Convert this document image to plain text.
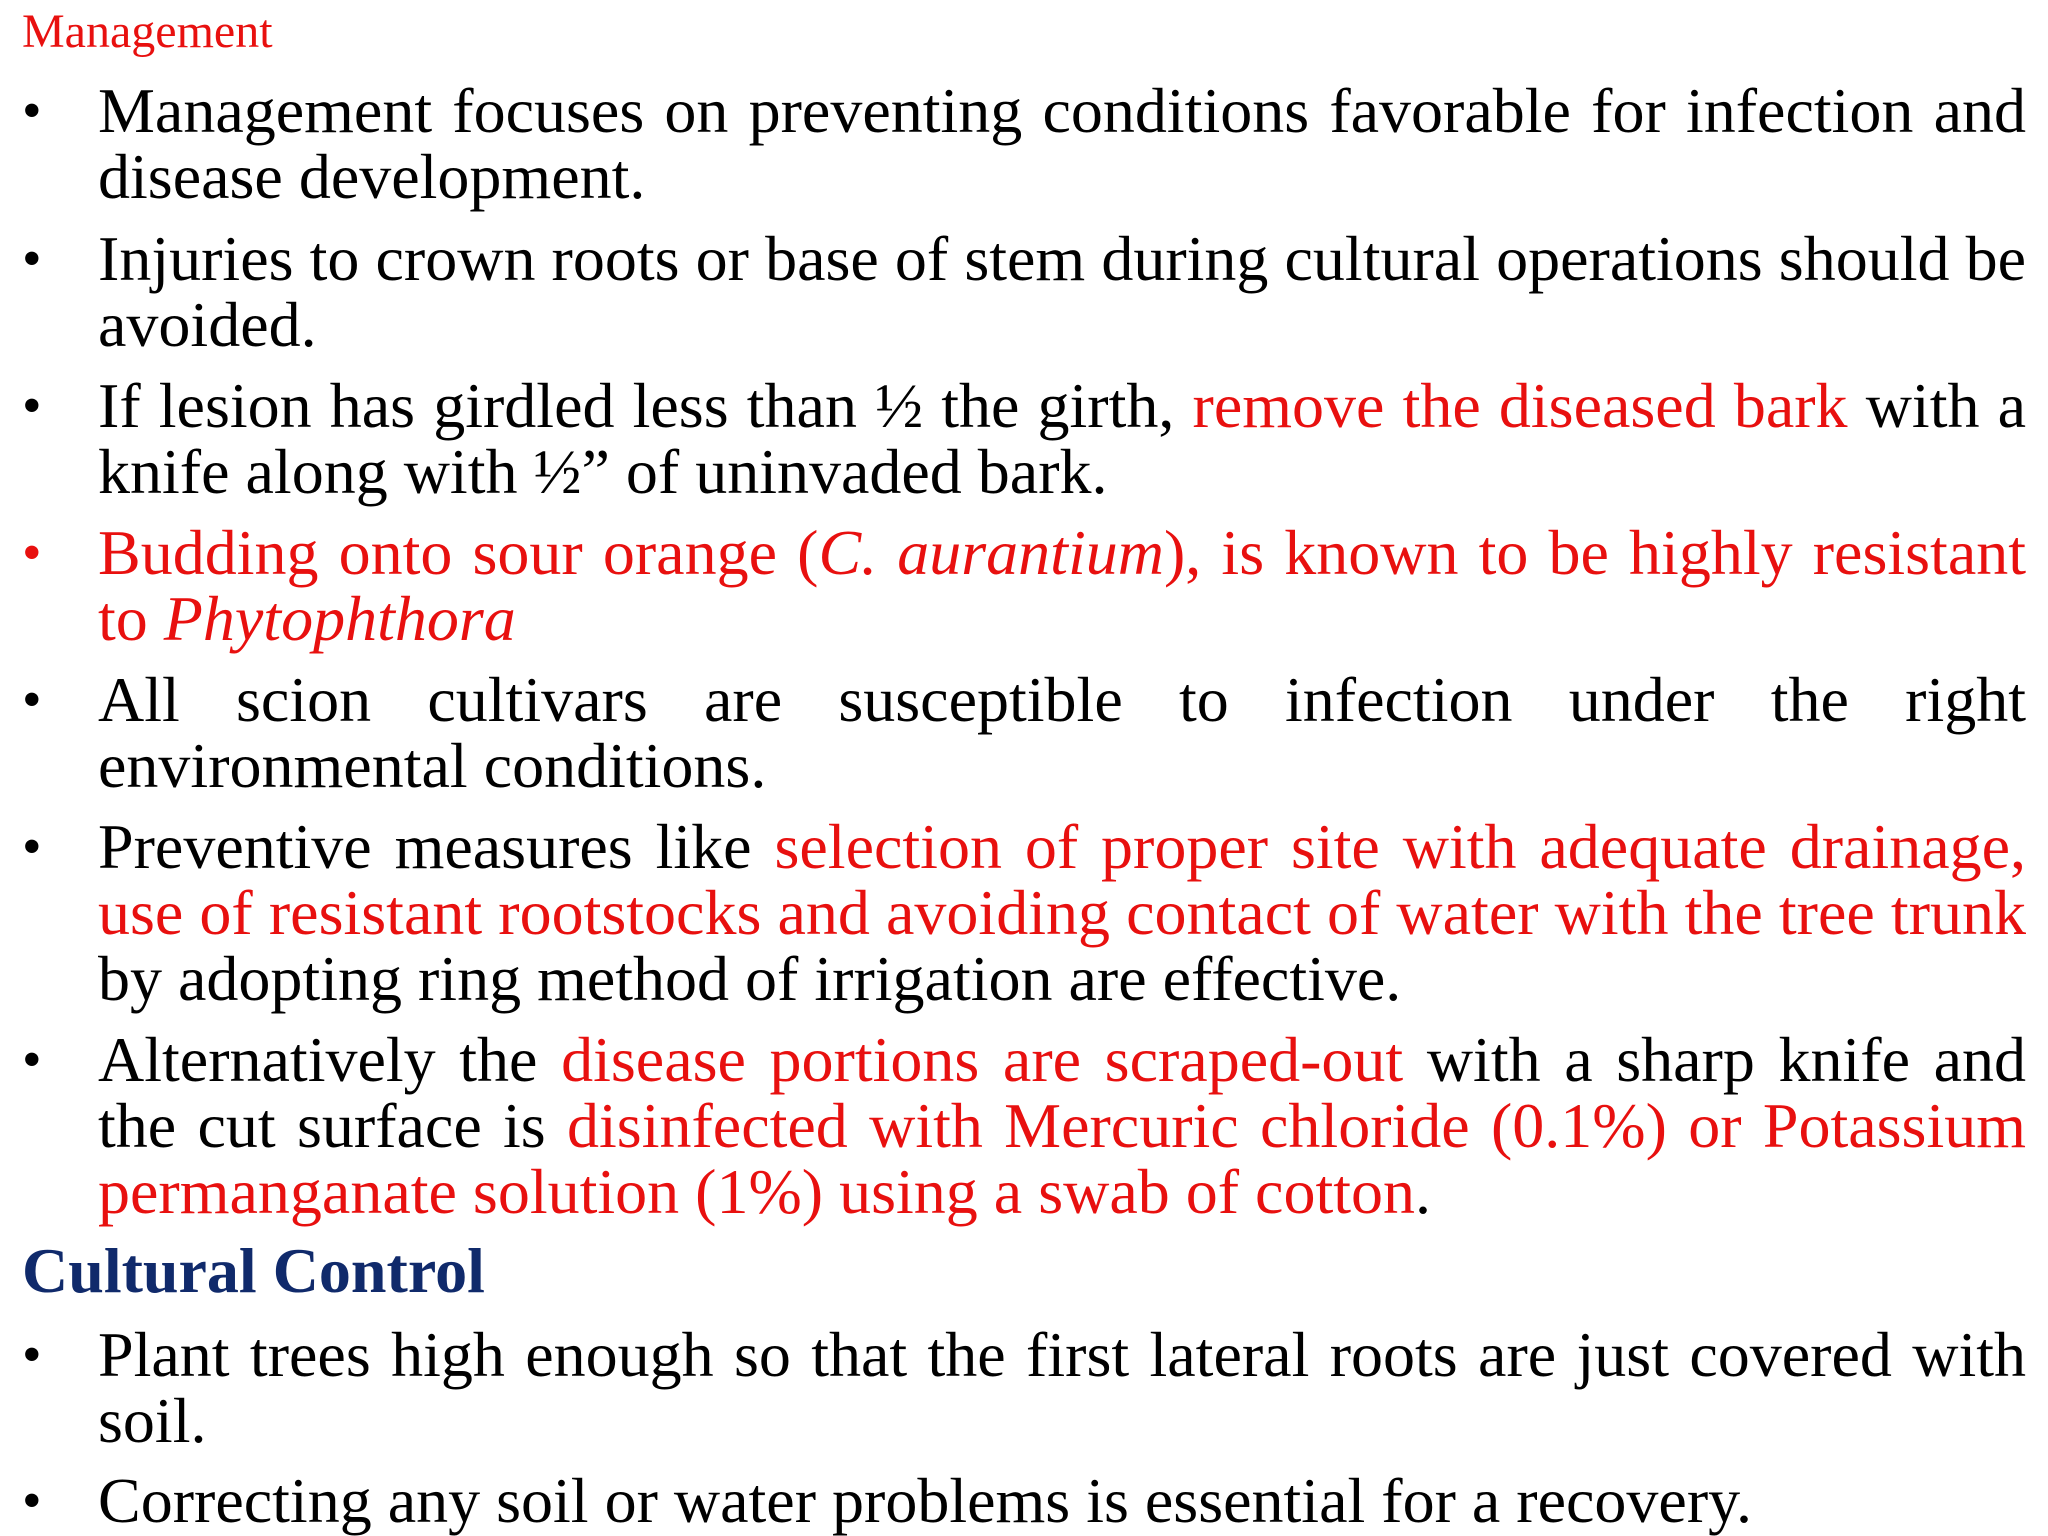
Management
• Management focuses on preventing conditions favorable for infection and disease development.
• Injuries to crown roots or base of stem during cultural operations should be avoided.
• If lesion has girdled less than ½ the girth, remove the diseased bark with a knife along with ½” of uninvaded bark.
• Budding onto sour orange (C. aurantium), is known to be highly resistant to Phytophthora
• All scion cultivars are susceptible to infection under the right environmental conditions.
• Preventive measures like selection of proper site with adequate drainage, use of resistant rootstocks and avoiding contact of water with the tree trunk by adopting ring method of irrigation are effective.
• Alternatively the disease portions are scraped-out with a sharp knife and the cut surface is disinfected with Mercuric chloride (0.1%) or Potassium permanganate solution (1%) using a swab of cotton.
Cultural Control
• Plant trees high enough so that the first lateral roots are just covered with soil.
• Correcting any soil or water problems is essential for a recovery.
